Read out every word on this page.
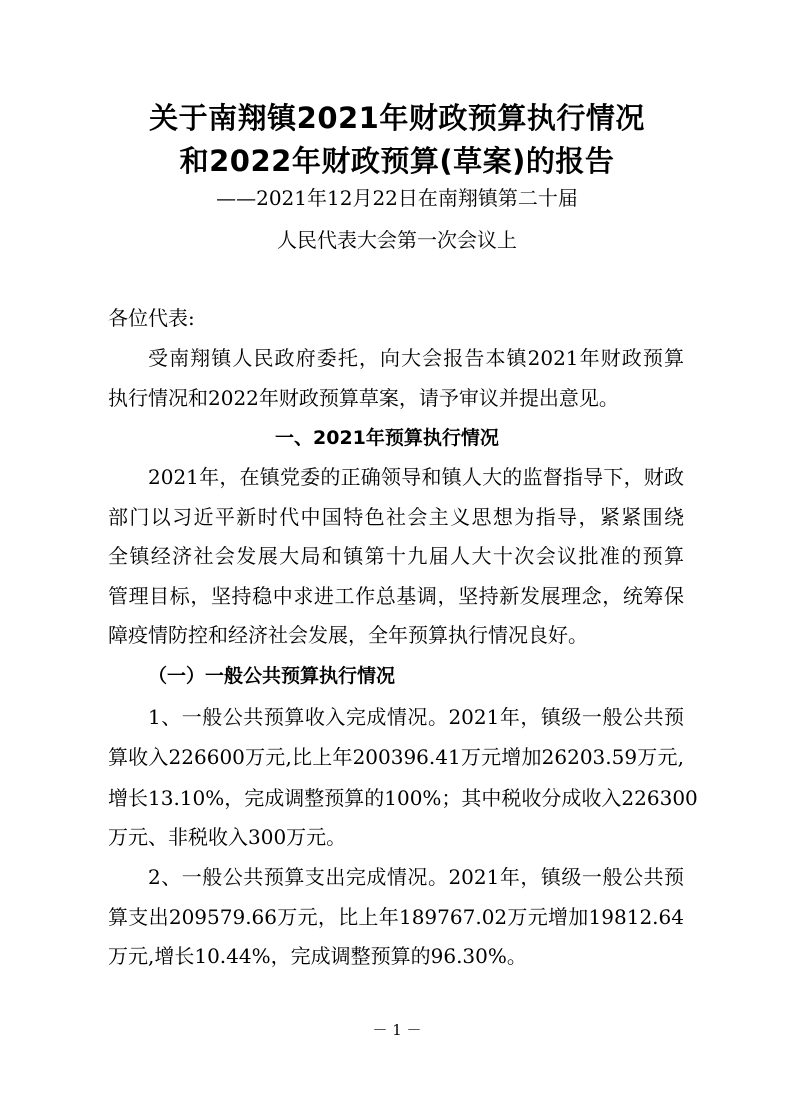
关于南翔镇2021年财政预算执行情况
和2022年财政预算(草案)的报告
——2021年12月22日在南翔镇第二十届
人民代表大会第一次会议上
各位代表:
受南翔镇人民政府委托，向大会报告本镇2021年财政预算
执行情况和2022年财政预算草案，请予审议并提出意见。
一、2021年预算执行情况
2021年，在镇党委的正确领导和镇人大的监督指导下，财政
部门以习近平新时代中国特色社会主义思想为指导，紧紧围绕
全镇经济社会发展大局和镇第十九届人大十次会议批准的预算
管理目标，坚持稳中求进工作总基调，坚持新发展理念，统筹保
障疫情防控和经济社会发展，全年预算执行情况良好。
（一）一般公共预算执行情况
1、一般公共预算收入完成情况。2021年，镇级一般公共预
算收入226600万元,比上年200396.41万元增加26203.59万元,
增长13.10%，完成调整预算的100%；其中税收分成收入226300
万元、非税收入300万元。
2、一般公共预算支出完成情况。2021年，镇级一般公共预
算支出209579.66万元，比上年189767.02万元增加19812.64
万元,增长10.44%，完成调整预算的96.30%。
－ 1 －
